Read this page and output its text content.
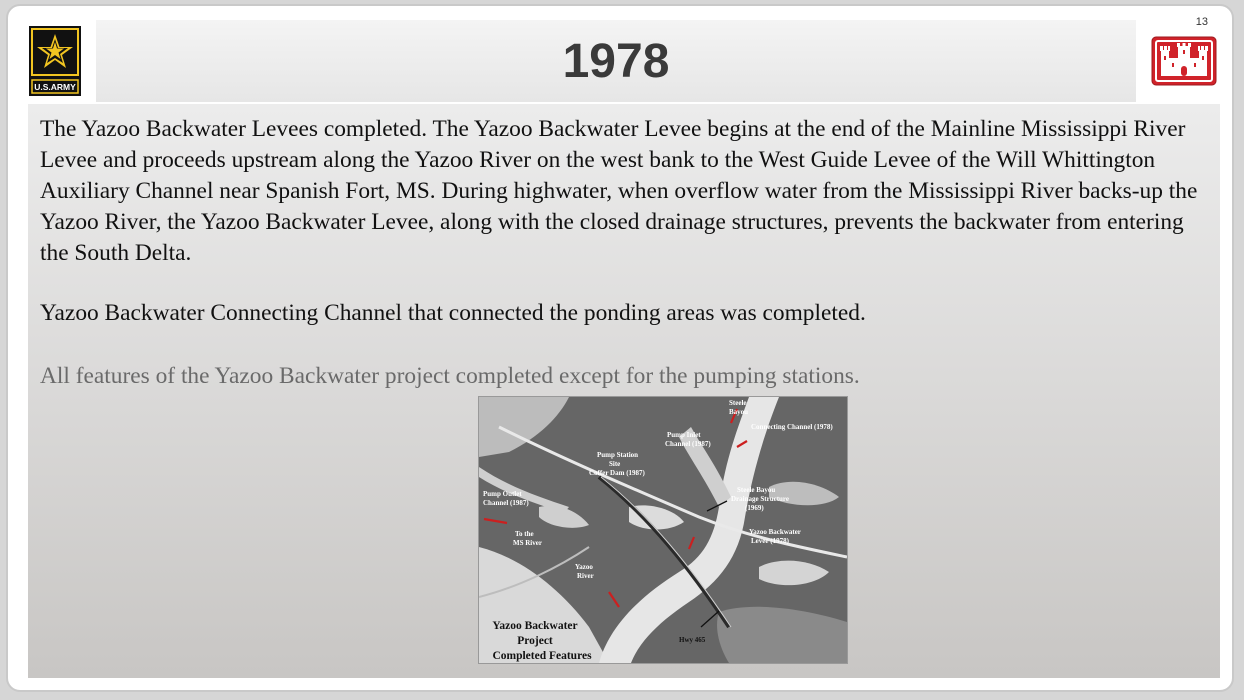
U.S.ARMY	1978
13

The Yazoo Backwater Levees completed. The Yazoo Backwater Levee begins at the end of the Mainline Mississippi River Levee and proceeds upstream along the Yazoo River on the west bank to the West Guide Levee of the Will Whittington Auxiliary Channel near Spanish Fort, MS. During highwater, when overflow water from the Mississippi River backs-up the Yazoo River, the Yazoo Backwater Levee, along with the closed drainage structures, prevents the backwater from entering the South Delta.

Yazoo Backwater Connecting Channel that connected the ponding areas was completed.

All features of the Yazoo Backwater project completed except for the pumping stations.

Steele
Bayou
Connecting Channel (1978)
Pump Inlet
Channel (1987)
Pump Station
Site
Coffer Dam (1987)
Pump Outlet
Channel (1987)
Steele Bayou
Drainage Structure
(1969)
Yazoo Backwater
Levee (1978)
To the
MS River
Yazoo
River
Hwy 465
Yazoo Backwater
Project
Completed Features
